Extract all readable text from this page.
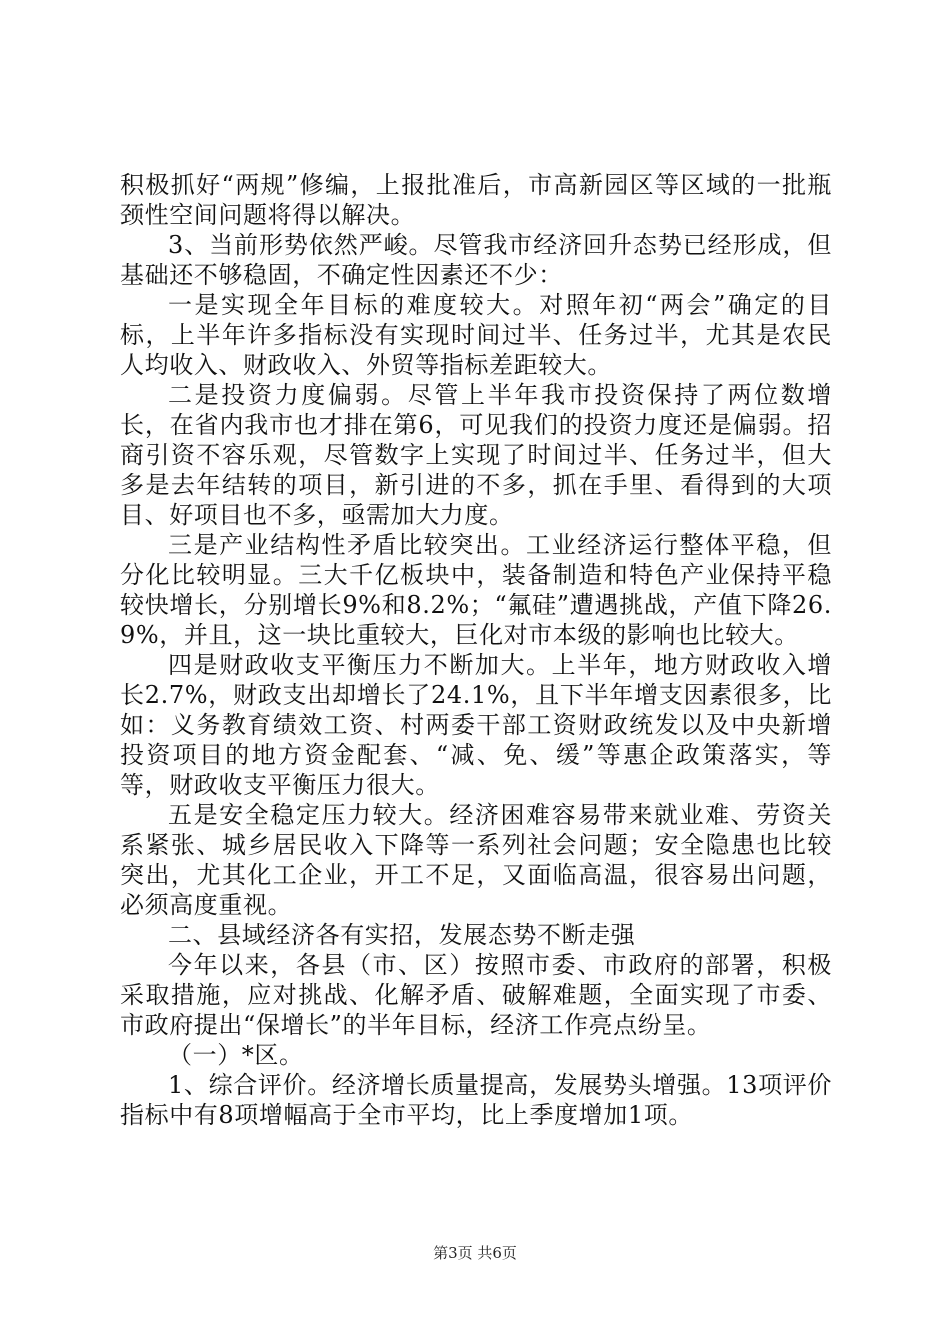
积极抓好“两规”修编，上报批准后，市高新园区等区域的一批瓶颈性空间问题将得以解决。

3、当前形势依然严峻。尽管我市经济回升态势已经形成，但基础还不够稳固，不确定性因素还不少：

一是实现全年目标的难度较大。对照年初“两会”确定的目标，上半年许多指标没有实现时间过半、任务过半，尤其是农民人均收入、财政收入、外贸等指标差距较大。

二是投资力度偏弱。尽管上半年我市投资保持了两位数增长，在省内我市也才排在第6，可见我们的投资力度还是偏弱。招商引资不容乐观，尽管数字上实现了时间过半、任务过半，但大多是去年结转的项目，新引进的不多，抓在手里、看得到的大项目、好项目也不多，亟需加大力度。

三是产业结构性矛盾比较突出。工业经济运行整体平稳，但分化比较明显。三大千亿板块中，装备制造和特色产业保持平稳较快增长，分别增长9%和8.2%；“氟硅”遭遇挑战，产值下降26.9%，并且，这一块比重较大，巨化对市本级的影响也比较大。

四是财政收支平衡压力不断加大。上半年，地方财政收入增长2.7%，财政支出却增长了24.1%，且下半年增支因素很多，比如：义务教育绩效工资、村两委干部工资财政统发以及中央新增投资项目的地方资金配套、“减、免、缓”等惠企政策落实，等等，财政收支平衡压力很大。

五是安全稳定压力较大。经济困难容易带来就业难、劳资关系紧张、城乡居民收入下降等一系列社会问题；安全隐患也比较突出，尤其化工企业，开工不足，又面临高温，很容易出问题，必须高度重视。

二、县域经济各有实招，发展态势不断走强

今年以来，各县（市、区）按照市委、市政府的部署，积极采取措施，应对挑战、化解矛盾、破解难题，全面实现了市委、市政府提出“保增长”的半年目标，经济工作亮点纷呈。

（一）*区。

1、综合评价。经济增长质量提高，发展势头增强。13项评价指标中有8项增幅高于全市平均，比上季度增加1项。

第3页 共6页
